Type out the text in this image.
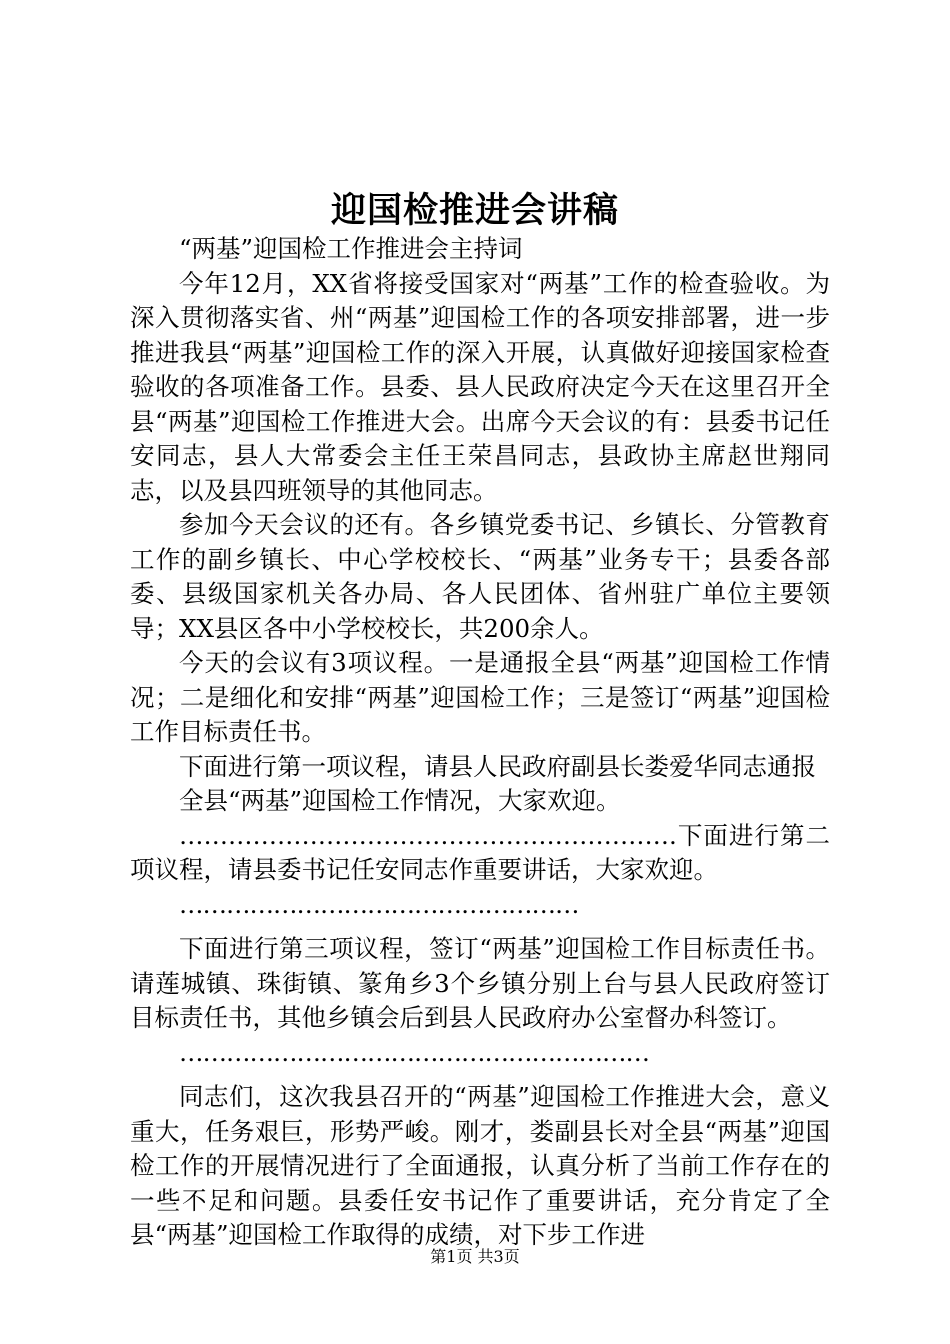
迎国检推进会讲稿

“两基”迎国检工作推进会主持词

今年12月，XX省将接受国家对“两基”工作的检查验收。为深入贯彻落实省、州“两基”迎国检工作的各项安排部署，进一步推进我县“两基”迎国检工作的深入开展，认真做好迎接国家检查验收的各项准备工作。县委、县人民政府决定今天在这里召开全县“两基”迎国检工作推进大会。出席今天会议的有：县委书记任安同志，县人大常委会主任王荣昌同志，县政协主席赵世翔同志，以及县四班领导的其他同志。

参加今天会议的还有。各乡镇党委书记、乡镇长、分管教育工作的副乡镇长、中心学校校长、“两基”业务专干；县委各部委、县级国家机关各办局、各人民团体、省州驻广单位主要领导；XX县区各中小学校校长，共200余人。

今天的会议有3项议程。一是通报全县“两基”迎国检工作情况；二是细化和安排“两基”迎国检工作；三是签订“两基”迎国检工作目标责任书。

下面进行第一项议程，请县人民政府副县长娄爱华同志通报

全县“两基”迎国检工作情况，大家欢迎。

…………………………………………………….下面进行第二项议程，请县委书记任安同志作重要讲话，大家欢迎。

……………………………………………

下面进行第三项议程，签订“两基”迎国检工作目标责任书。请莲城镇、珠街镇、篆角乡3个乡镇分别上台与县人民政府签订目标责任书，其他乡镇会后到县人民政府办公室督办科签订。

……………………………………………………

同志们，这次我县召开的“两基”迎国检工作推进大会，意义重大，任务艰巨，形势严峻。刚才，娄副县长对全县“两基”迎国检工作的开展情况进行了全面通报，认真分析了当前工作存在的一些不足和问题。县委任安书记作了重要讲话，充分肯定了全县“两基”迎国检工作取得的成绩，对下步工作进

第1页 共3页
